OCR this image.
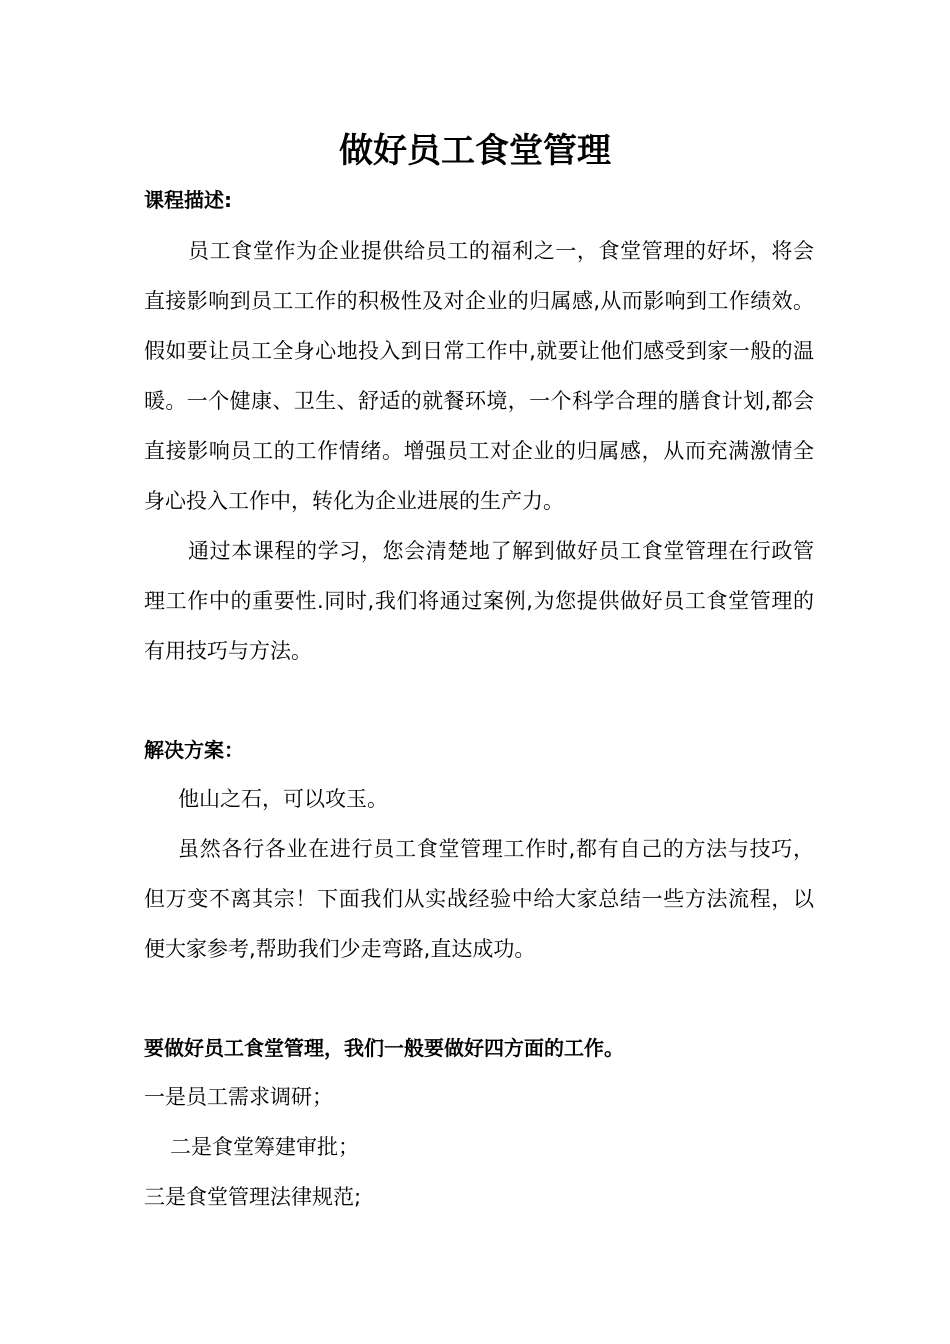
做好员工食堂管理
课程描述:

员工食堂作为企业提供给员工的福利之一，食堂管理的好坏，将会直接影响到员工工作的积极性及对企业的归属感,从而影响到工作绩效。假如要让员工全身心地投入到日常工作中,就要让他们感受到家一般的温暖。一个健康、卫生、舒适的就餐环境，一个科学合理的膳食计划,都会直接影响员工的工作情绪。增强员工对企业的归属感，从而充满激情全身心投入工作中，转化为企业进展的生产力。

通过本课程的学习，您会清楚地了解到做好员工食堂管理在行政管理工作中的重要性.同时,我们将通过案例,为您提供做好员工食堂管理的有用技巧与方法。

解决方案：

他山之石，可以攻玉。

虽然各行各业在进行员工食堂管理工作时,都有自己的方法与技巧，但万变不离其宗！下面我们从实战经验中给大家总结一些方法流程，以便大家参考,帮助我们少走弯路,直达成功。

要做好员工食堂管理，我们一般要做好四方面的工作。

一是员工需求调研；

二是食堂筹建审批；

三是食堂管理法律规范;
